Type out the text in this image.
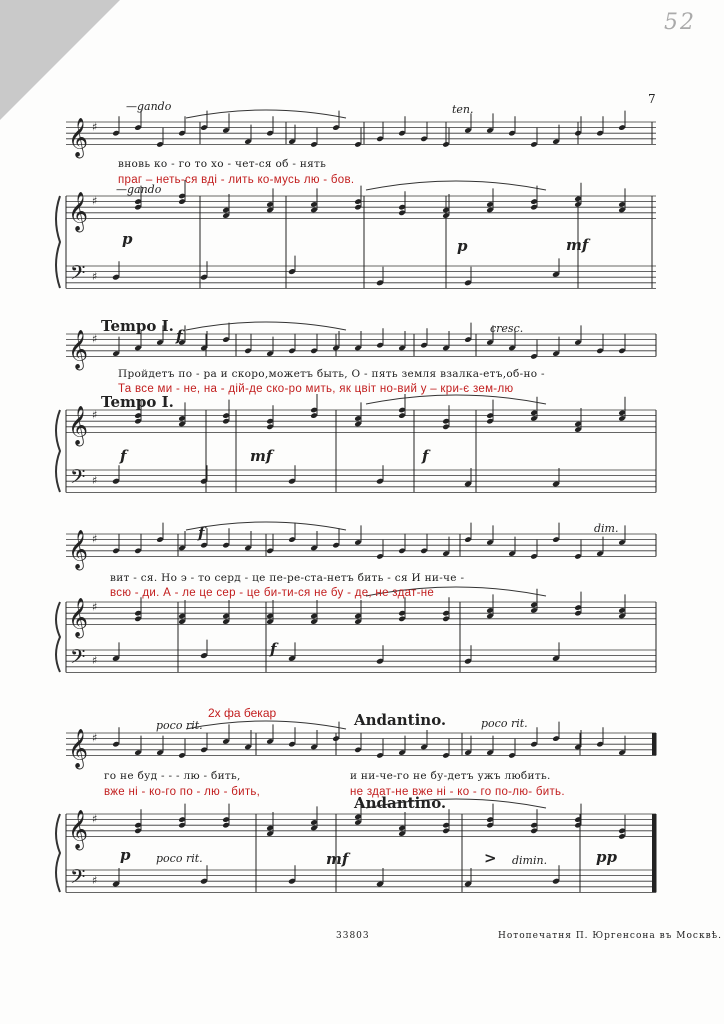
𝄞
𝄞
𝄢
♯
♯
♯
𝄞
𝄞
𝄢
♯
♯
♯
𝄞
𝄞
𝄢
♯
♯
♯
𝄞
𝄞
𝄢
♯
♯
♯
7
52
—gando	ten.
вновь ко - го то хо - чет-ся об - нять
праг – неть-ся вді - лить ко-мусь лю - бов.
—gando
p	p	mf
Tempo I.	cresc.
f
Пройдетъ по - ра и скоро,можетъ быть, О - пять земля взалка-етъ,об-но -
Та все ми - не, на - дій-де ско-ро мить, як цвіт но-вий у – кри-є зем-лю
Tempo I.
f	mf	f
f	dim.
вит - ся. Но э - то серд - це пе-ре-ста-нетъ бить - ся И ни-че -
всю - ди. А - ле це сер - це би-ти-ся не бу - де, не здат-не
f
2x фа бекар
poco rit.	Andantino.	poco rit.
го не буд - - - лю - бить,	и ни-че-го не бу-детъ ужъ любить.
вже ні - ко-го по - лю - бить,	не здат-не вже ні - ко - го по-лю- бить.
Andantino.
p poco rit.	mf	> dimin.	pp
33803	Нотопечатня П. Юргенсона въ Москвѣ.
